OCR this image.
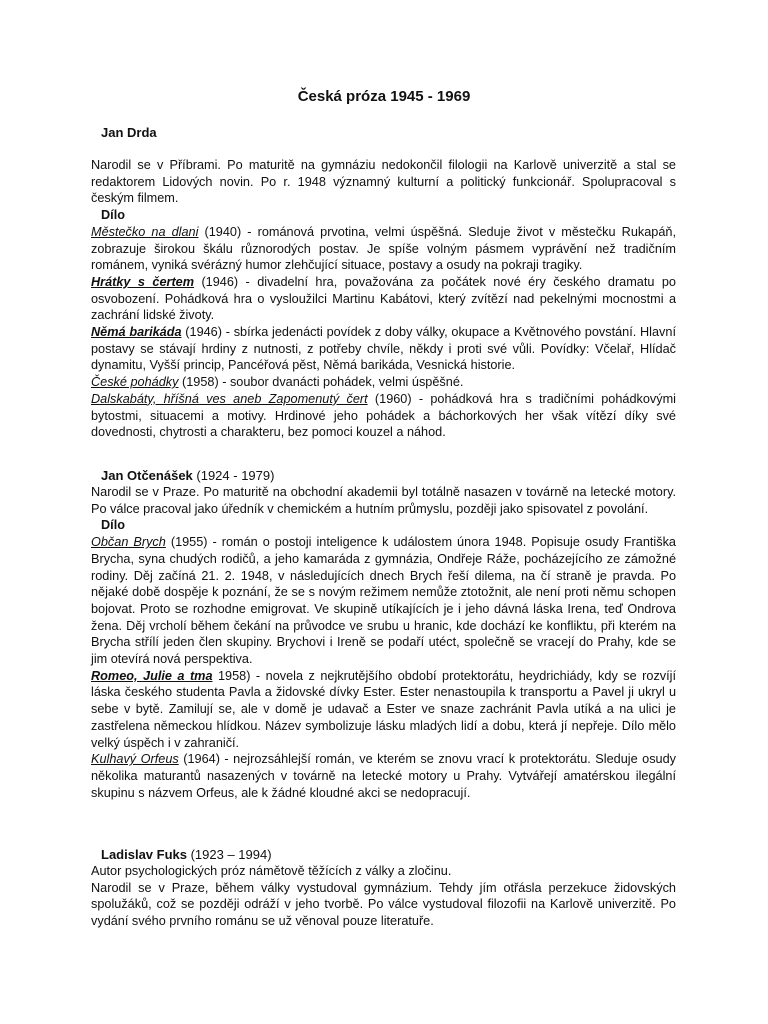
Česká próza 1945 - 1969

Jan Drda

Narodil se v Příbrami. Po maturitě na gymnáziu nedokončil filologii na Karlově univerzitě a stal se redaktorem Lidových novin. Po r. 1948 významný kulturní a politický funkcionář. Spolupracoval s českým filmem.

Dílo

Městečko na dlani (1940) - románová prvotina, velmi úspěšná. Sleduje život v městečku Rukapáň, zobrazuje širokou škálu různorodých postav. Je spíše volným pásmem vyprávění než tradičním románem, vyniká svérázný humor zlehčující situace, postavy a osudy na pokraji tragiky.

Hrátky s čertem (1946) - divadelní hra, považována za počátek nové éry českého dramatu po osvobození. Pohádková hra o vysloužilci Martinu Kabátovi, který zvítězí nad pekelnými mocnostmi a zachrání lidské životy.

Němá barikáda (1946) - sbírka jedenácti povídek z doby války, okupace a Květnového povstání. Hlavní postavy se stávají hrdiny z nutnosti, z potřeby chvíle, někdy i proti své vůli. Povídky: Včelař, Hlídač dynamitu, Vyšší princip, Pancéřová pěst, Němá barikáda, Vesnická historie.

České pohádky (1958) - soubor dvanácti pohádek, velmi úspěšné.

Dalskabáty, hříšná ves aneb Zapomenutý čert (1960) - pohádková hra s tradičními pohádkovými bytostmi, situacemi a motivy. Hrdinové jeho pohádek a báchorkových her však vítězí díky své dovednosti, chytrosti a charakteru, bez pomoci kouzel a náhod.

Jan Otčenášek (1924 - 1979)

Narodil se v Praze. Po maturitě na obchodní akademii byl totálně nasazen v továrně na letecké motory. Po válce pracoval jako úředník v chemickém a hutním průmyslu, později jako spisovatel z povolání.

Dílo

Občan Brych (1955) - román o postoji inteligence k událostem února 1948. Popisuje osudy Františka Brycha, syna chudých rodičů, a jeho kamaráda z gymnázia, Ondřeje Ráže, pocházejícího ze zámožné rodiny. Děj začíná 21. 2. 1948, v následujících dnech Brych řeší dilema, na čí straně je pravda. Po nějaké době dospěje k poznání, že se s novým režimem nemůže ztotožnit, ale není proti němu schopen bojovat. Proto se rozhodne emigrovat. Ve skupině utíkajících je i jeho dávná láska Irena, teď Ondrova žena. Děj vrcholí během čekání na průvodce ve srubu u hranic, kde dochází ke konfliktu, při kterém na Brycha střílí jeden člen skupiny. Brychovi i Ireně se podaří utéct, společně se vracejí do Prahy, kde se jim otevírá nová perspektiva.

Romeo, Julie a tma 1958) - novela z nejkrutějšího období protektorátu, heydrichiády, kdy se rozvíjí láska českého studenta Pavla a židovské dívky Ester. Ester nenastoupila k transportu a Pavel ji ukryl u sebe v bytě. Zamilují se, ale v domě je udavač a Ester ve snaze zachránit Pavla utíká a na ulici je zastřelena německou hlídkou. Název symbolizuje lásku mladých lidí a dobu, která jí nepřeje. Dílo mělo velký úspěch i v zahraničí.

Kulhavý Orfeus (1964) - nejrozsáhlejší román, ve kterém se znovu vrací k protektorátu. Sleduje osudy několika maturantů nasazených v továrně na letecké motory u Prahy. Vytvářejí amatérskou ilegální skupinu s názvem Orfeus, ale k žádné kloudné akci se nedopracují.

Ladislav Fuks (1923 – 1994)

Autor psychologických próz námětově těžících z války a zločinu.

Narodil se v Praze, během války vystudoval gymnázium. Tehdy jím otřásla perzekuce židovských spolužáků, což se později odráží v jeho tvorbě. Po válce vystudoval filozofii na Karlově univerzitě. Po vydání svého prvního románu se už věnoval pouze literatuře.
